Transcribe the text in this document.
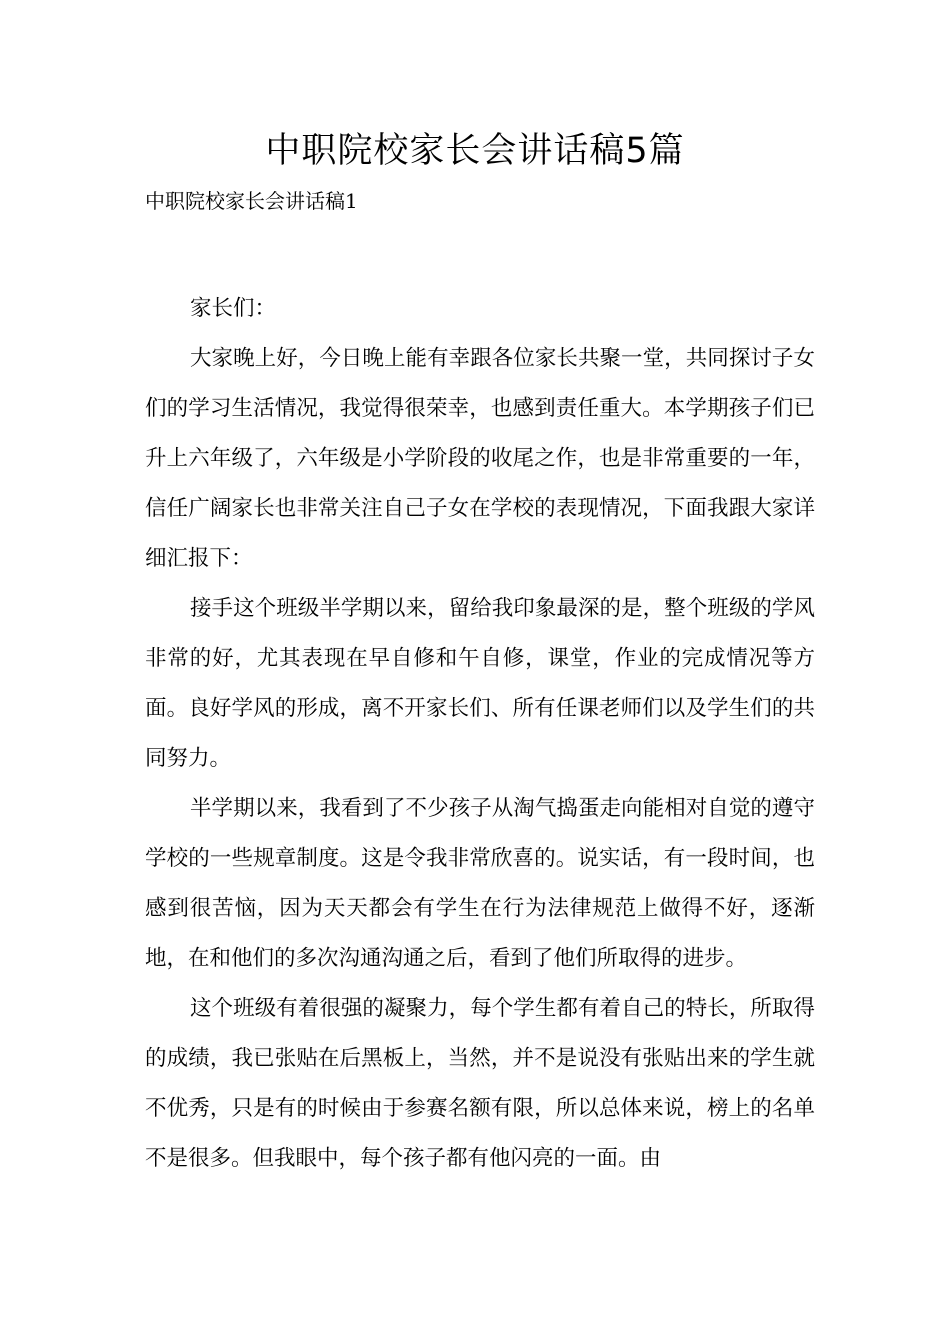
中职院校家长会讲话稿5篇

中职院校家长会讲话稿1

家长们：

大家晚上好，今日晚上能有幸跟各位家长共聚一堂，共同探讨子女们的学习生活情况，我觉得很荣幸，也感到责任重大。本学期孩子们已升上六年级了，六年级是小学阶段的收尾之作，也是非常重要的一年，信任广阔家长也非常关注自己子女在学校的表现情况，下面我跟大家详细汇报下：

接手这个班级半学期以来，留给我印象最深的是，整个班级的学风非常的好，尤其表现在早自修和午自修，课堂，作业的完成情况等方面。良好学风的形成，离不开家长们、所有任课老师们以及学生们的共同努力。

半学期以来，我看到了不少孩子从淘气捣蛋走向能相对自觉的遵守学校的一些规章制度。这是令我非常欣喜的。说实话，有一段时间，也感到很苦恼，因为天天都会有学生在行为法律规范上做得不好，逐渐地，在和他们的多次沟通沟通之后，看到了他们所取得的进步。

这个班级有着很强的凝聚力，每个学生都有着自己的特长，所取得的成绩，我已张贴在后黑板上，当然，并不是说没有张贴出来的学生就不优秀，只是有的时候由于参赛名额有限，所以总体来说，榜上的名单不是很多。但我眼中，每个孩子都有他闪亮的一面。由
